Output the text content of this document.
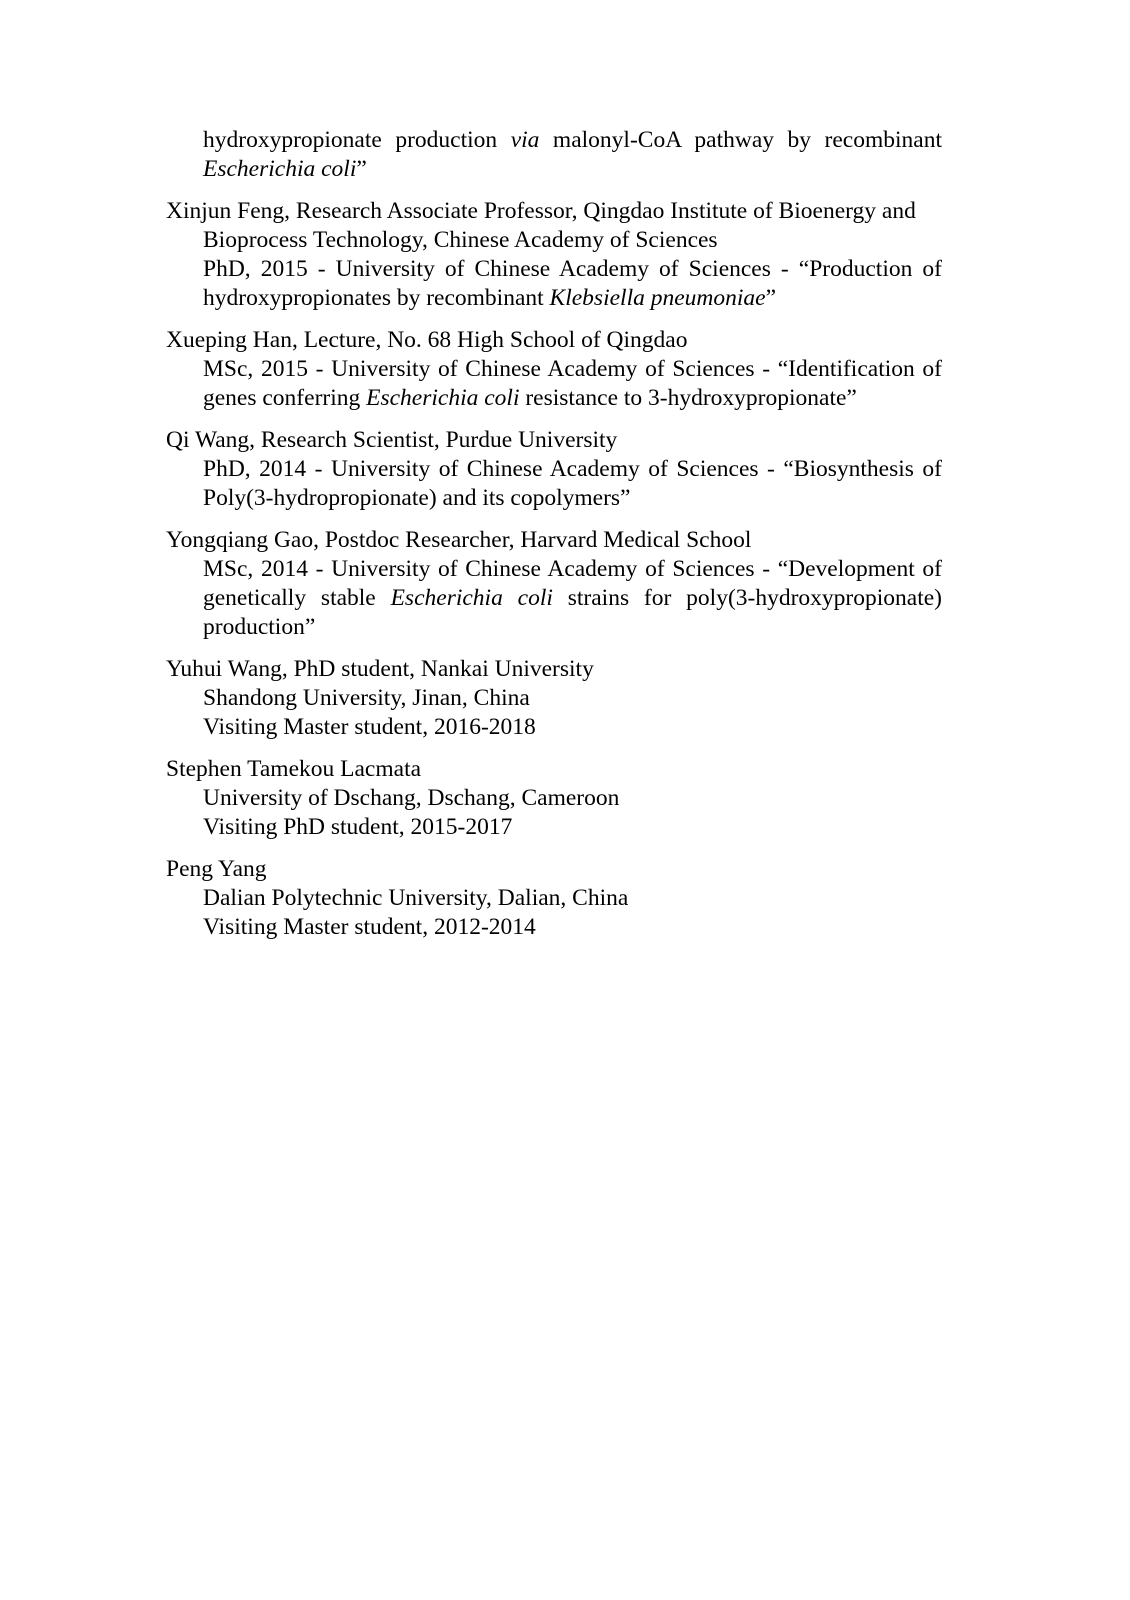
hydroxypropionate production via malonyl-CoA pathway by recombinant Escherichia coli”
Xinjun Feng, Research Associate Professor, Qingdao Institute of Bioenergy and
Bioprocess Technology, Chinese Academy of Sciences
PhD, 2015 - University of Chinese Academy of Sciences - “Production of hydroxypropionates by recombinant Klebsiella pneumoniae”
Xueping Han, Lecture, No. 68 High School of Qingdao
MSc, 2015 - University of Chinese Academy of Sciences - “Identification of genes conferring Escherichia coli resistance to 3-hydroxypropionate”
Qi Wang, Research Scientist, Purdue University
PhD, 2014 - University of Chinese Academy of Sciences - “Biosynthesis of Poly(3-hydropropionate) and its copolymers”
Yongqiang Gao, Postdoc Researcher, Harvard Medical School
MSc, 2014 - University of Chinese Academy of Sciences - “Development of genetically stable Escherichia coli strains for poly(3-hydroxypropionate) production”
Yuhui Wang, PhD student, Nankai University
Shandong University, Jinan, China
Visiting Master student, 2016-2018
Stephen Tamekou Lacmata
University of Dschang, Dschang, Cameroon
Visiting PhD student, 2015-2017
Peng Yang
Dalian Polytechnic University, Dalian, China
Visiting Master student, 2012-2014
